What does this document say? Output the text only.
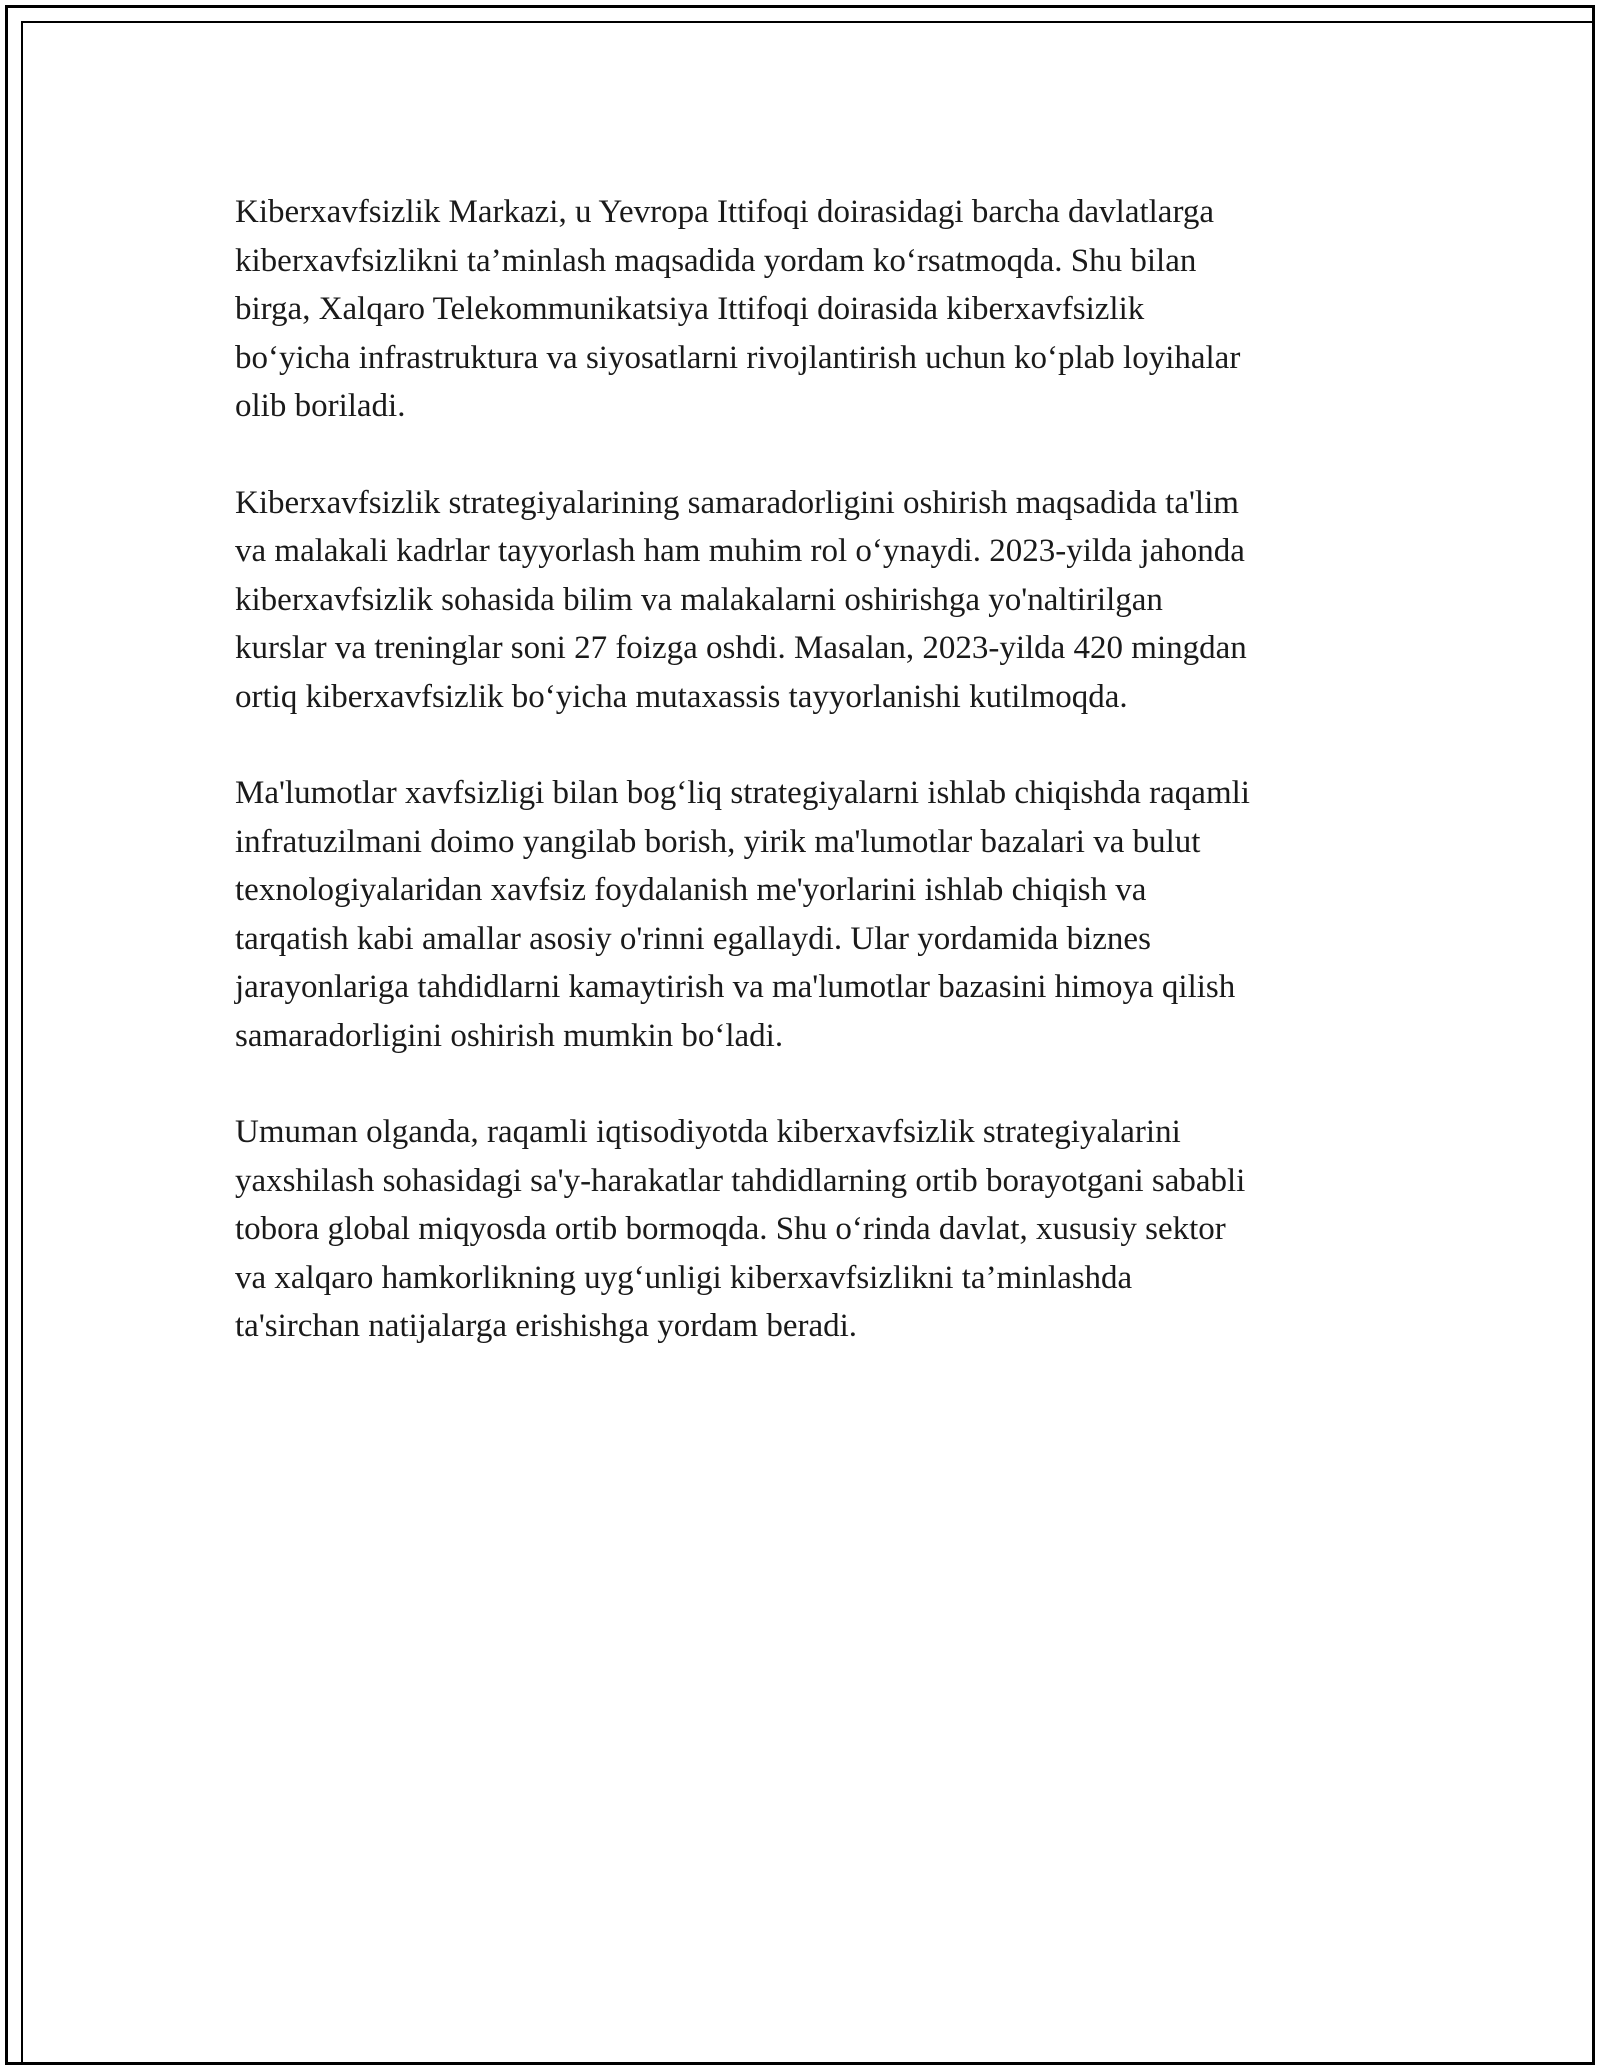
Kiberxavfsizlik Markazi, u Yevropa Ittifoqi doirasidagi barcha davlatlarga
kiberxavfsizlikni ta’minlash maqsadida yordam ko‘rsatmoqda. Shu bilan
birga, Xalqaro Telekommunikatsiya Ittifoqi doirasida kiberxavfsizlik
bo‘yicha infrastruktura va siyosatlarni rivojlantirish uchun ko‘plab loyihalar
olib boriladi.

Kiberxavfsizlik strategiyalarining samaradorligini oshirish maqsadida ta'lim
va malakali kadrlar tayyorlash ham muhim rol o‘ynaydi. 2023-yilda jahonda
kiberxavfsizlik sohasida bilim va malakalarni oshirishga yo'naltirilgan
kurslar va treninglar soni 27 foizga oshdi. Masalan, 2023-yilda 420 mingdan
ortiq kiberxavfsizlik bo‘yicha mutaxassis tayyorlanishi kutilmoqda.

Ma'lumotlar xavfsizligi bilan bog‘liq strategiyalarni ishlab chiqishda raqamli
infratuzilmani doimo yangilab borish, yirik ma'lumotlar bazalari va bulut
texnologiyalaridan xavfsiz foydalanish me'yorlarini ishlab chiqish va
tarqatish kabi amallar asosiy o'rinni egallaydi. Ular yordamida biznes
jarayonlariga tahdidlarni kamaytirish va ma'lumotlar bazasini himoya qilish
samaradorligini oshirish mumkin bo‘ladi.

Umuman olganda, raqamli iqtisodiyotda kiberxavfsizlik strategiyalarini
yaxshilash sohasidagi sa'y-harakatlar tahdidlarning ortib borayotgani sababli
tobora global miqyosda ortib bormoqda. Shu o‘rinda davlat, xususiy sektor
va xalqaro hamkorlikning uyg‘unligi kiberxavfsizlikni ta’minlashda
ta'sirchan natijalarga erishishga yordam beradi.
